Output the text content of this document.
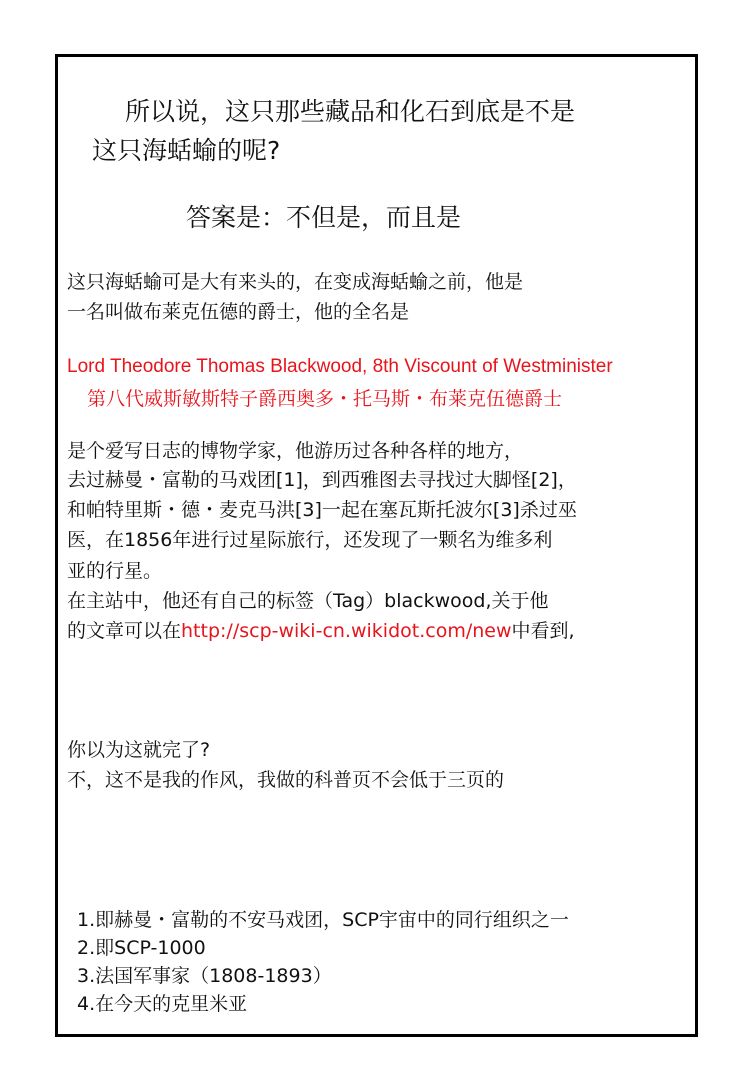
所以说，这只那些藏品和化石到底是不是
这只海蛞蝓的呢?
答案是：不但是，而且是
这只海蛞蝓可是大有来头的，在变成海蛞蝓之前，他是
一名叫做布莱克伍德的爵士，他的全名是
Lord Theodore Thomas Blackwood, 8th Viscount of Westminister
第八代威斯敏斯特子爵西奥多・托马斯・布莱克伍德爵士
是个爱写日志的博物学家，他游历过各种各样的地方，
去过赫曼・富勒的马戏团[1]，到西雅图去寻找过大脚怪[2]，
和帕特里斯・德・麦克马洪[3]一起在塞瓦斯托波尔[3]杀过巫
医，在1856年进行过星际旅行，还发现了一颗名为维多利
亚的行星。
在主站中，他还有自己的标签（Tag）blackwood,关于他
的文章可以在http://scp-wiki-cn.wikidot.com/new中看到,
你以为这就完了?
不，这不是我的作风，我做的科普页不会低于三页的
1.即赫曼・富勒的不安马戏团，SCP宇宙中的同行组织之一
2.即SCP-1000
3.法国军事家（1808-1893）
4.在今天的克里米亚
